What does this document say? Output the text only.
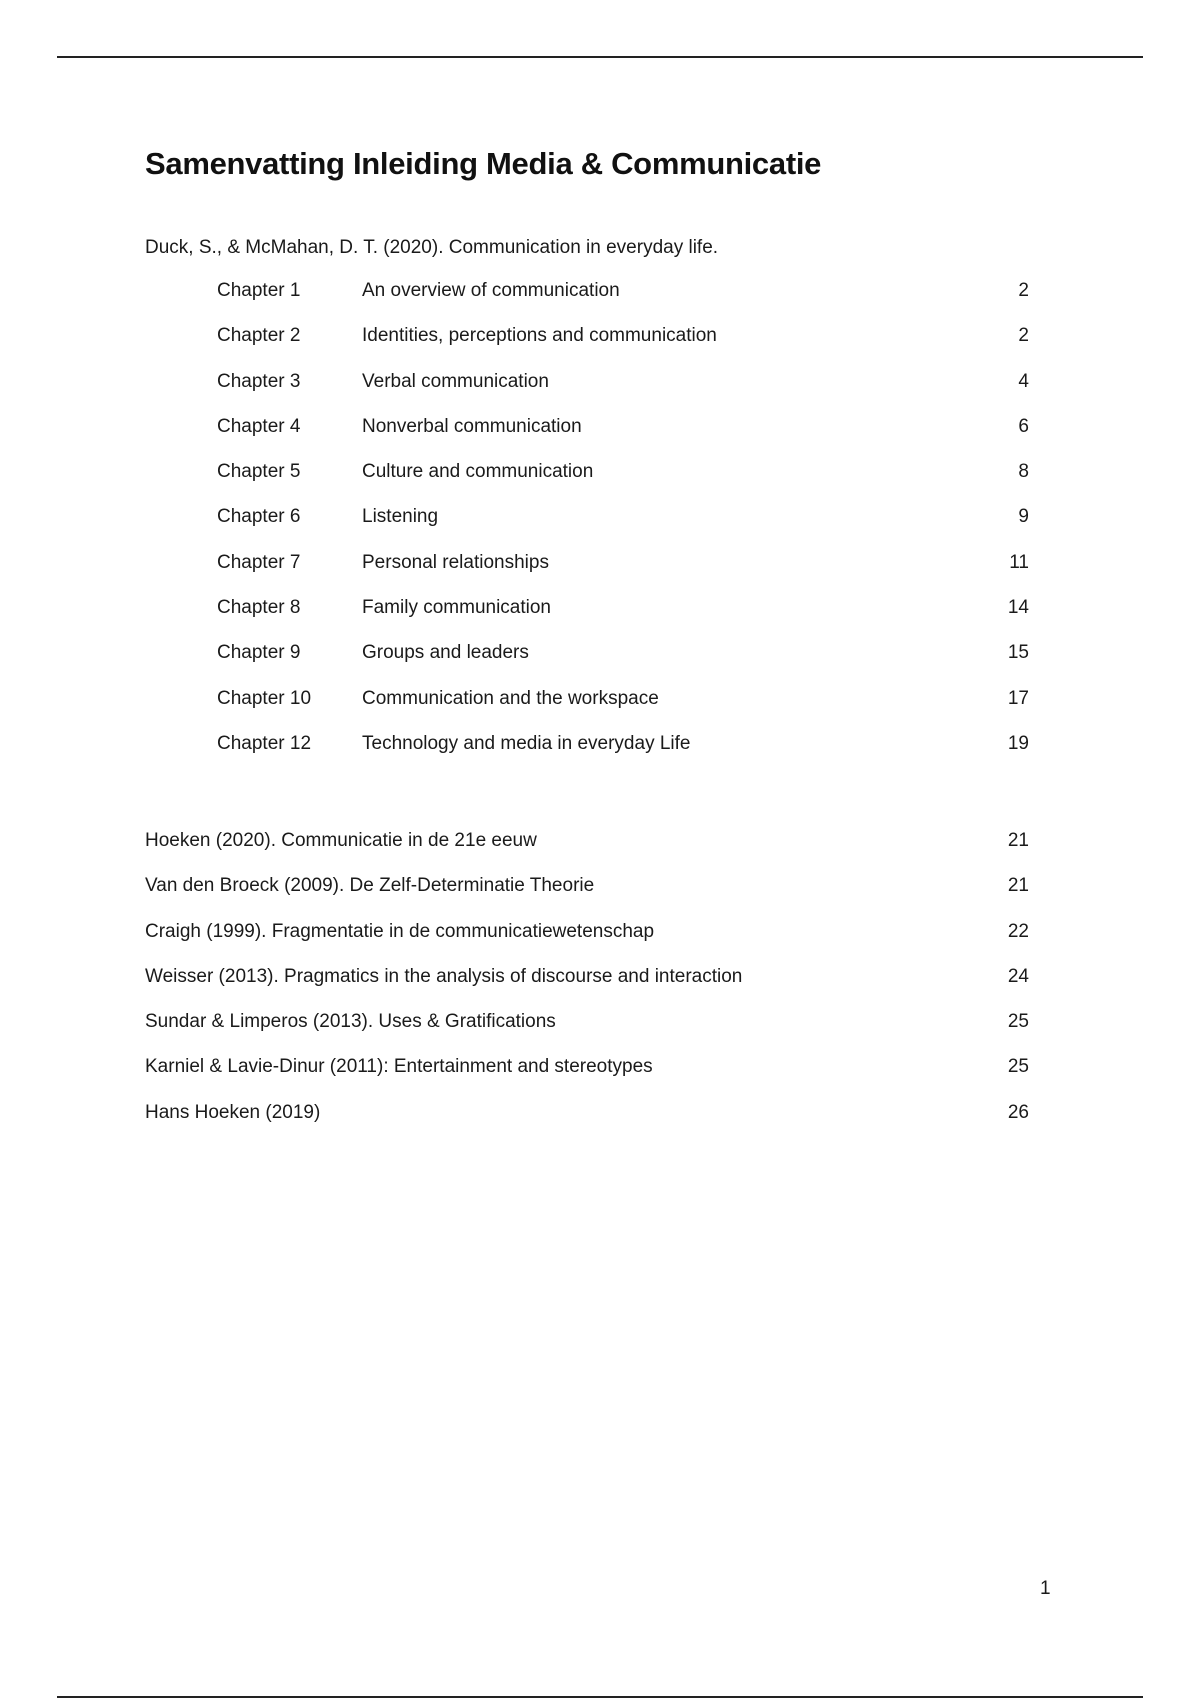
Samenvatting Inleiding Media & Communicatie
Duck, S., & McMahan, D. T. (2020). Communication in everyday life.
Chapter 1	An overview of communication	2
Chapter 2	Identities, perceptions and communication	2
Chapter 3	Verbal communication	4
Chapter 4	Nonverbal communication	6
Chapter 5	Culture and communication	8
Chapter 6	Listening	9
Chapter 7	Personal relationships	11
Chapter 8	Family communication	14
Chapter 9	Groups and leaders	15
Chapter 10	Communication and the workspace	17
Chapter 12	Technology and media in everyday Life	19
Hoeken (2020). Communicatie in de 21e eeuw	21
Van den Broeck (2009). De Zelf-Determinatie Theorie	21
Craigh (1999). Fragmentatie in de communicatiewetenschap	22
Weisser (2013). Pragmatics in the analysis of discourse and interaction	24
Sundar & Limperos (2013). Uses & Gratifications	25
Karniel & Lavie-Dinur (2011): Entertainment and stereotypes	25
Hans Hoeken (2019)	26
1
